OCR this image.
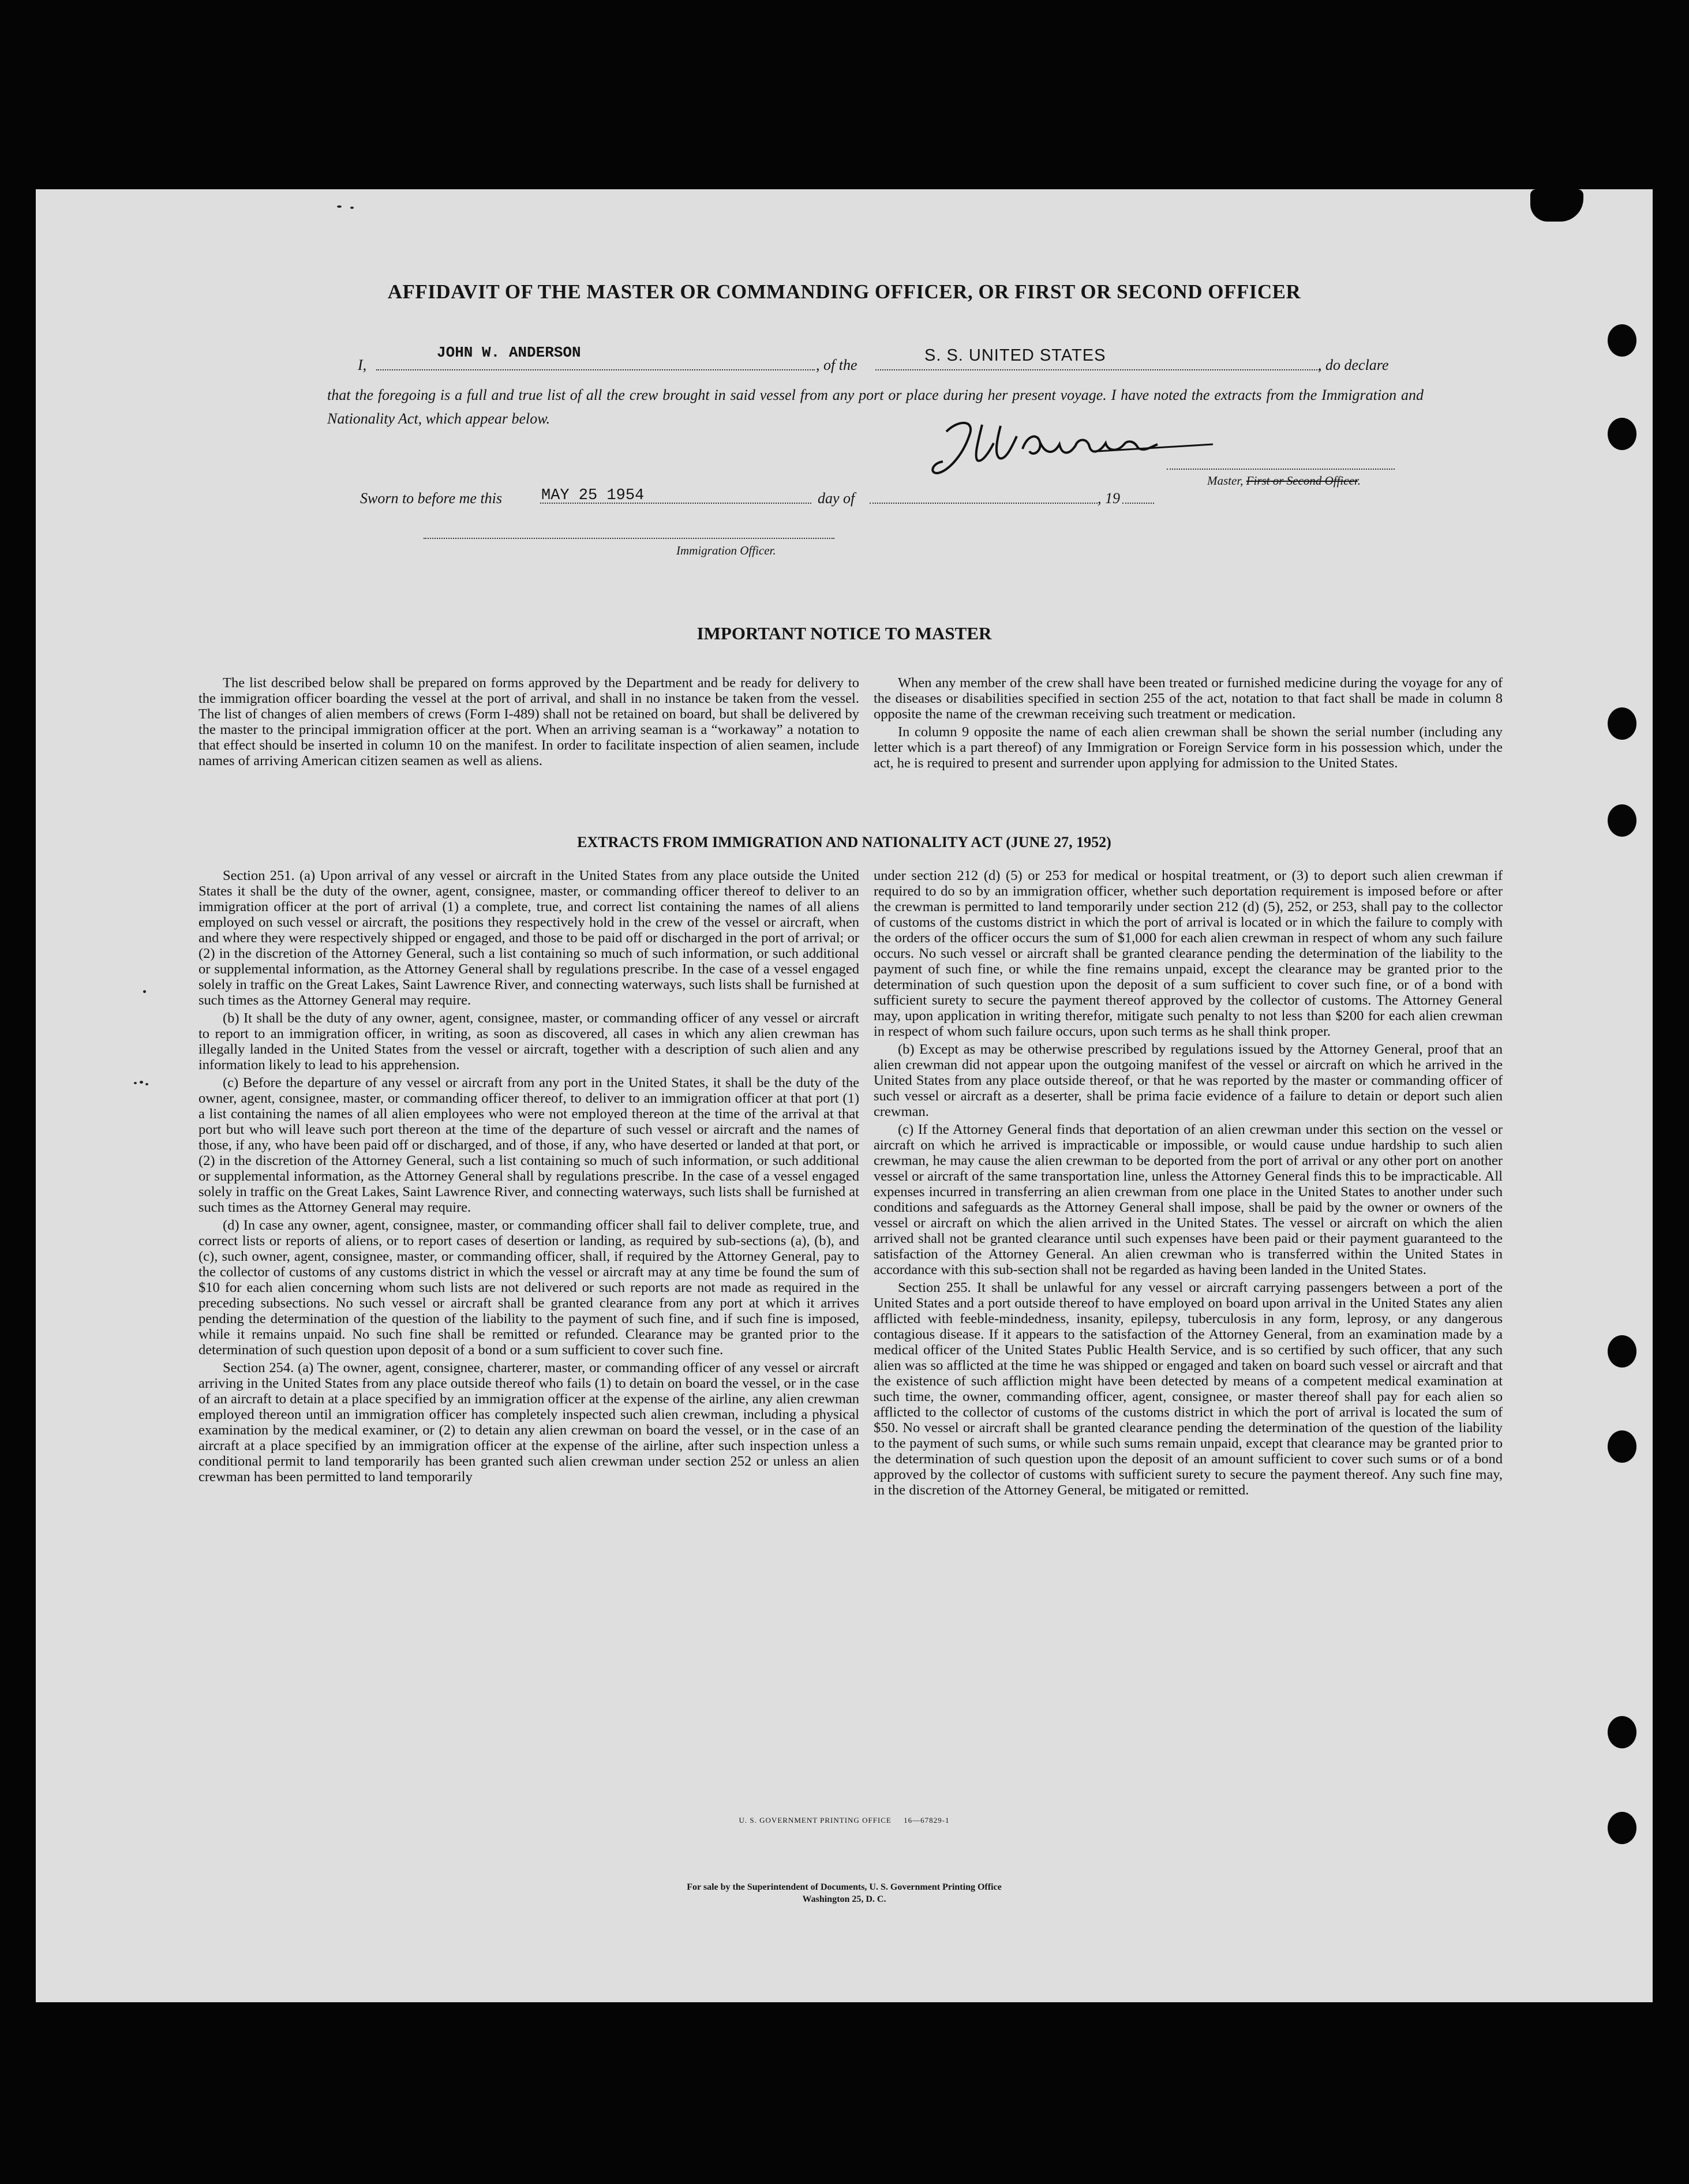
AFFIDAVIT OF THE MASTER OR COMMANDING OFFICER, OR FIRST OR SECOND OFFICER
I,
JOHN W. ANDERSON
, of the
S. S. UNITED STATES
, do declare
that the foregoing is a full and true list of all the crew brought in said vessel from any port or place during her present voyage. I have noted the extracts from the Immigration and Nationality Act, which appear below.
Master, First or Second Officer.
Sworn to before me this	MAY 25 1954	day of	, 19
Immigration Officer.
IMPORTANT NOTICE TO MASTER

The list described below shall be prepared on forms approved by the Department and be ready for delivery to the immigration officer boarding the vessel at the port of arrival, and shall in no instance be taken from the vessel. The list of changes of alien members of crews (Form I-489) shall not be retained on board, but shall be delivered by the master to the principal immigration officer at the port. When an arriving seaman is a “workaway” a notation to that effect should be inserted in column 10 on the manifest. In order to facilitate inspection of alien seamen, include names of arriving American citizen seamen as well as aliens.

When any member of the crew shall have been treated or furnished medicine during the voyage for any of the diseases or disabilities specified in section 255 of the act, notation to that fact shall be made in column 8 opposite the name of the crewman receiving such treatment or medication.

In column 9 opposite the name of each alien crewman shall be shown the serial number (including any letter which is a part thereof) of any Immigration or Foreign Service form in his possession which, under the act, he is required to present and surrender upon applying for admission to the United States.

EXTRACTS FROM IMMIGRATION AND NATIONALITY ACT (JUNE 27, 1952)

Section 251. (a) Upon arrival of any vessel or aircraft in the United States from any place outside the United States it shall be the duty of the owner, agent, consignee, master, or commanding officer thereof to deliver to an immigration officer at the port of arrival (1) a complete, true, and correct list containing the names of all aliens employed on such vessel or aircraft, the positions they respectively hold in the crew of the vessel or aircraft, when and where they were respectively shipped or engaged, and those to be paid off or discharged in the port of arrival; or (2) in the discretion of the Attorney General, such a list containing so much of such information, or such additional or supplemental information, as the Attorney General shall by regulations prescribe. In the case of a vessel engaged solely in traffic on the Great Lakes, Saint Lawrence River, and connecting waterways, such lists shall be furnished at such times as the Attorney General may require.

(b) It shall be the duty of any owner, agent, consignee, master, or commanding officer of any vessel or aircraft to report to an immigration officer, in writing, as soon as discovered, all cases in which any alien crewman has illegally landed in the United States from the vessel or aircraft, together with a description of such alien and any information likely to lead to his apprehension.

(c) Before the departure of any vessel or aircraft from any port in the United States, it shall be the duty of the owner, agent, consignee, master, or commanding officer thereof, to deliver to an immigration officer at that port (1) a list containing the names of all alien employees who were not employed thereon at the time of the arrival at that port but who will leave such port thereon at the time of the departure of such vessel or aircraft and the names of those, if any, who have been paid off or discharged, and of those, if any, who have deserted or landed at that port, or (2) in the discretion of the Attorney General, such a list containing so much of such information, or such additional or supplemental information, as the Attorney General shall by regulations prescribe. In the case of a vessel engaged solely in traffic on the Great Lakes, Saint Lawrence River, and connecting waterways, such lists shall be furnished at such times as the Attorney General may require.

(d) In case any owner, agent, consignee, master, or commanding officer shall fail to deliver complete, true, and correct lists or reports of aliens, or to report cases of desertion or landing, as required by sub-sections (a), (b), and (c), such owner, agent, consignee, master, or commanding officer, shall, if required by the Attorney General, pay to the collector of customs of any customs district in which the vessel or aircraft may at any time be found the sum of $10 for each alien concerning whom such lists are not delivered or such reports are not made as required in the preceding subsections. No such vessel or aircraft shall be granted clearance from any port at which it arrives pending the determination of the question of the liability to the payment of such fine, and if such fine is imposed, while it remains unpaid. No such fine shall be remitted or refunded. Clearance may be granted prior to the determination of such question upon deposit of a bond or a sum sufficient to cover such fine.

Section 254. (a) The owner, agent, consignee, charterer, master, or commanding officer of any vessel or aircraft arriving in the United States from any place outside thereof who fails (1) to detain on board the vessel, or in the case of an aircraft to detain at a place specified by an immigration officer at the expense of the airline, any alien crewman employed thereon until an immigration officer has completely inspected such alien crewman, including a physical examination by the medical examiner, or (2) to detain any alien crewman on board the vessel, or in the case of an aircraft at a place specified by an immigration officer at the expense of the airline, after such inspection unless a conditional permit to land temporarily has been granted such alien crewman under section 252 or unless an alien crewman has been permitted to land temporarily

under section 212 (d) (5) or 253 for medical or hospital treatment, or (3) to deport such alien crewman if required to do so by an immigration officer, whether such deportation requirement is imposed before or after the crewman is permitted to land temporarily under section 212 (d) (5), 252, or 253, shall pay to the collector of customs of the customs district in which the port of arrival is located or in which the failure to comply with the orders of the officer occurs the sum of $1,000 for each alien crewman in respect of whom any such failure occurs. No such vessel or aircraft shall be granted clearance pending the determination of the liability to the payment of such fine, or while the fine remains unpaid, except the clearance may be granted prior to the determination of such question upon the deposit of a sum sufficient to cover such fine, or of a bond with sufficient surety to secure the payment thereof approved by the collector of customs. The Attorney General may, upon application in writing therefor, mitigate such penalty to not less than $200 for each alien crewman in respect of whom such failure occurs, upon such terms as he shall think proper.

(b) Except as may be otherwise prescribed by regulations issued by the Attorney General, proof that an alien crewman did not appear upon the outgoing manifest of the vessel or aircraft on which he arrived in the United States from any place outside thereof, or that he was reported by the master or commanding officer of such vessel or aircraft as a deserter, shall be prima facie evidence of a failure to detain or deport such alien crewman.

(c) If the Attorney General finds that deportation of an alien crewman under this section on the vessel or aircraft on which he arrived is impracticable or impossible, or would cause undue hardship to such alien crewman, he may cause the alien crewman to be deported from the port of arrival or any other port on another vessel or aircraft of the same transportation line, unless the Attorney General finds this to be impracticable. All expenses incurred in transferring an alien crewman from one place in the United States to another under such conditions and safeguards as the Attorney General shall impose, shall be paid by the owner or owners of the vessel or aircraft on which the alien arrived in the United States. The vessel or aircraft on which the alien arrived shall not be granted clearance until such expenses have been paid or their payment guaranteed to the satisfaction of the Attorney General. An alien crewman who is transferred within the United States in accordance with this sub-section shall not be regarded as having been landed in the United States.

Section 255. It shall be unlawful for any vessel or aircraft carrying passengers between a port of the United States and a port outside thereof to have employed on board upon arrival in the United States any alien afflicted with feeble-mindedness, insanity, epilepsy, tuberculosis in any form, leprosy, or any dangerous contagious disease. If it appears to the satisfaction of the Attorney General, from an examination made by a medical officer of the United States Public Health Service, and is so certified by such officer, that any such alien was so afflicted at the time he was shipped or engaged and taken on board such vessel or aircraft and that the existence of such affliction might have been detected by means of a competent medical examination at such time, the owner, commanding officer, agent, consignee, or master thereof shall pay for each alien so afflicted to the collector of customs of the customs district in which the port of arrival is located the sum of $50. No vessel or aircraft shall be granted clearance pending the determination of the question of the liability to the payment of such sums, or while such sums remain unpaid, except that clearance may be granted prior to the determination of such question upon the deposit of an amount sufficient to cover such sums or of a bond approved by the collector of customs with sufficient surety to secure the payment thereof. Any such fine may, in the discretion of the Attorney General, be mitigated or remitted.

U. S. GOVERNMENT PRINTING OFFICE     16—67829-1
For sale by the Superintendent of Documents, U. S. Government Printing Office
Washington 25, D. C.
